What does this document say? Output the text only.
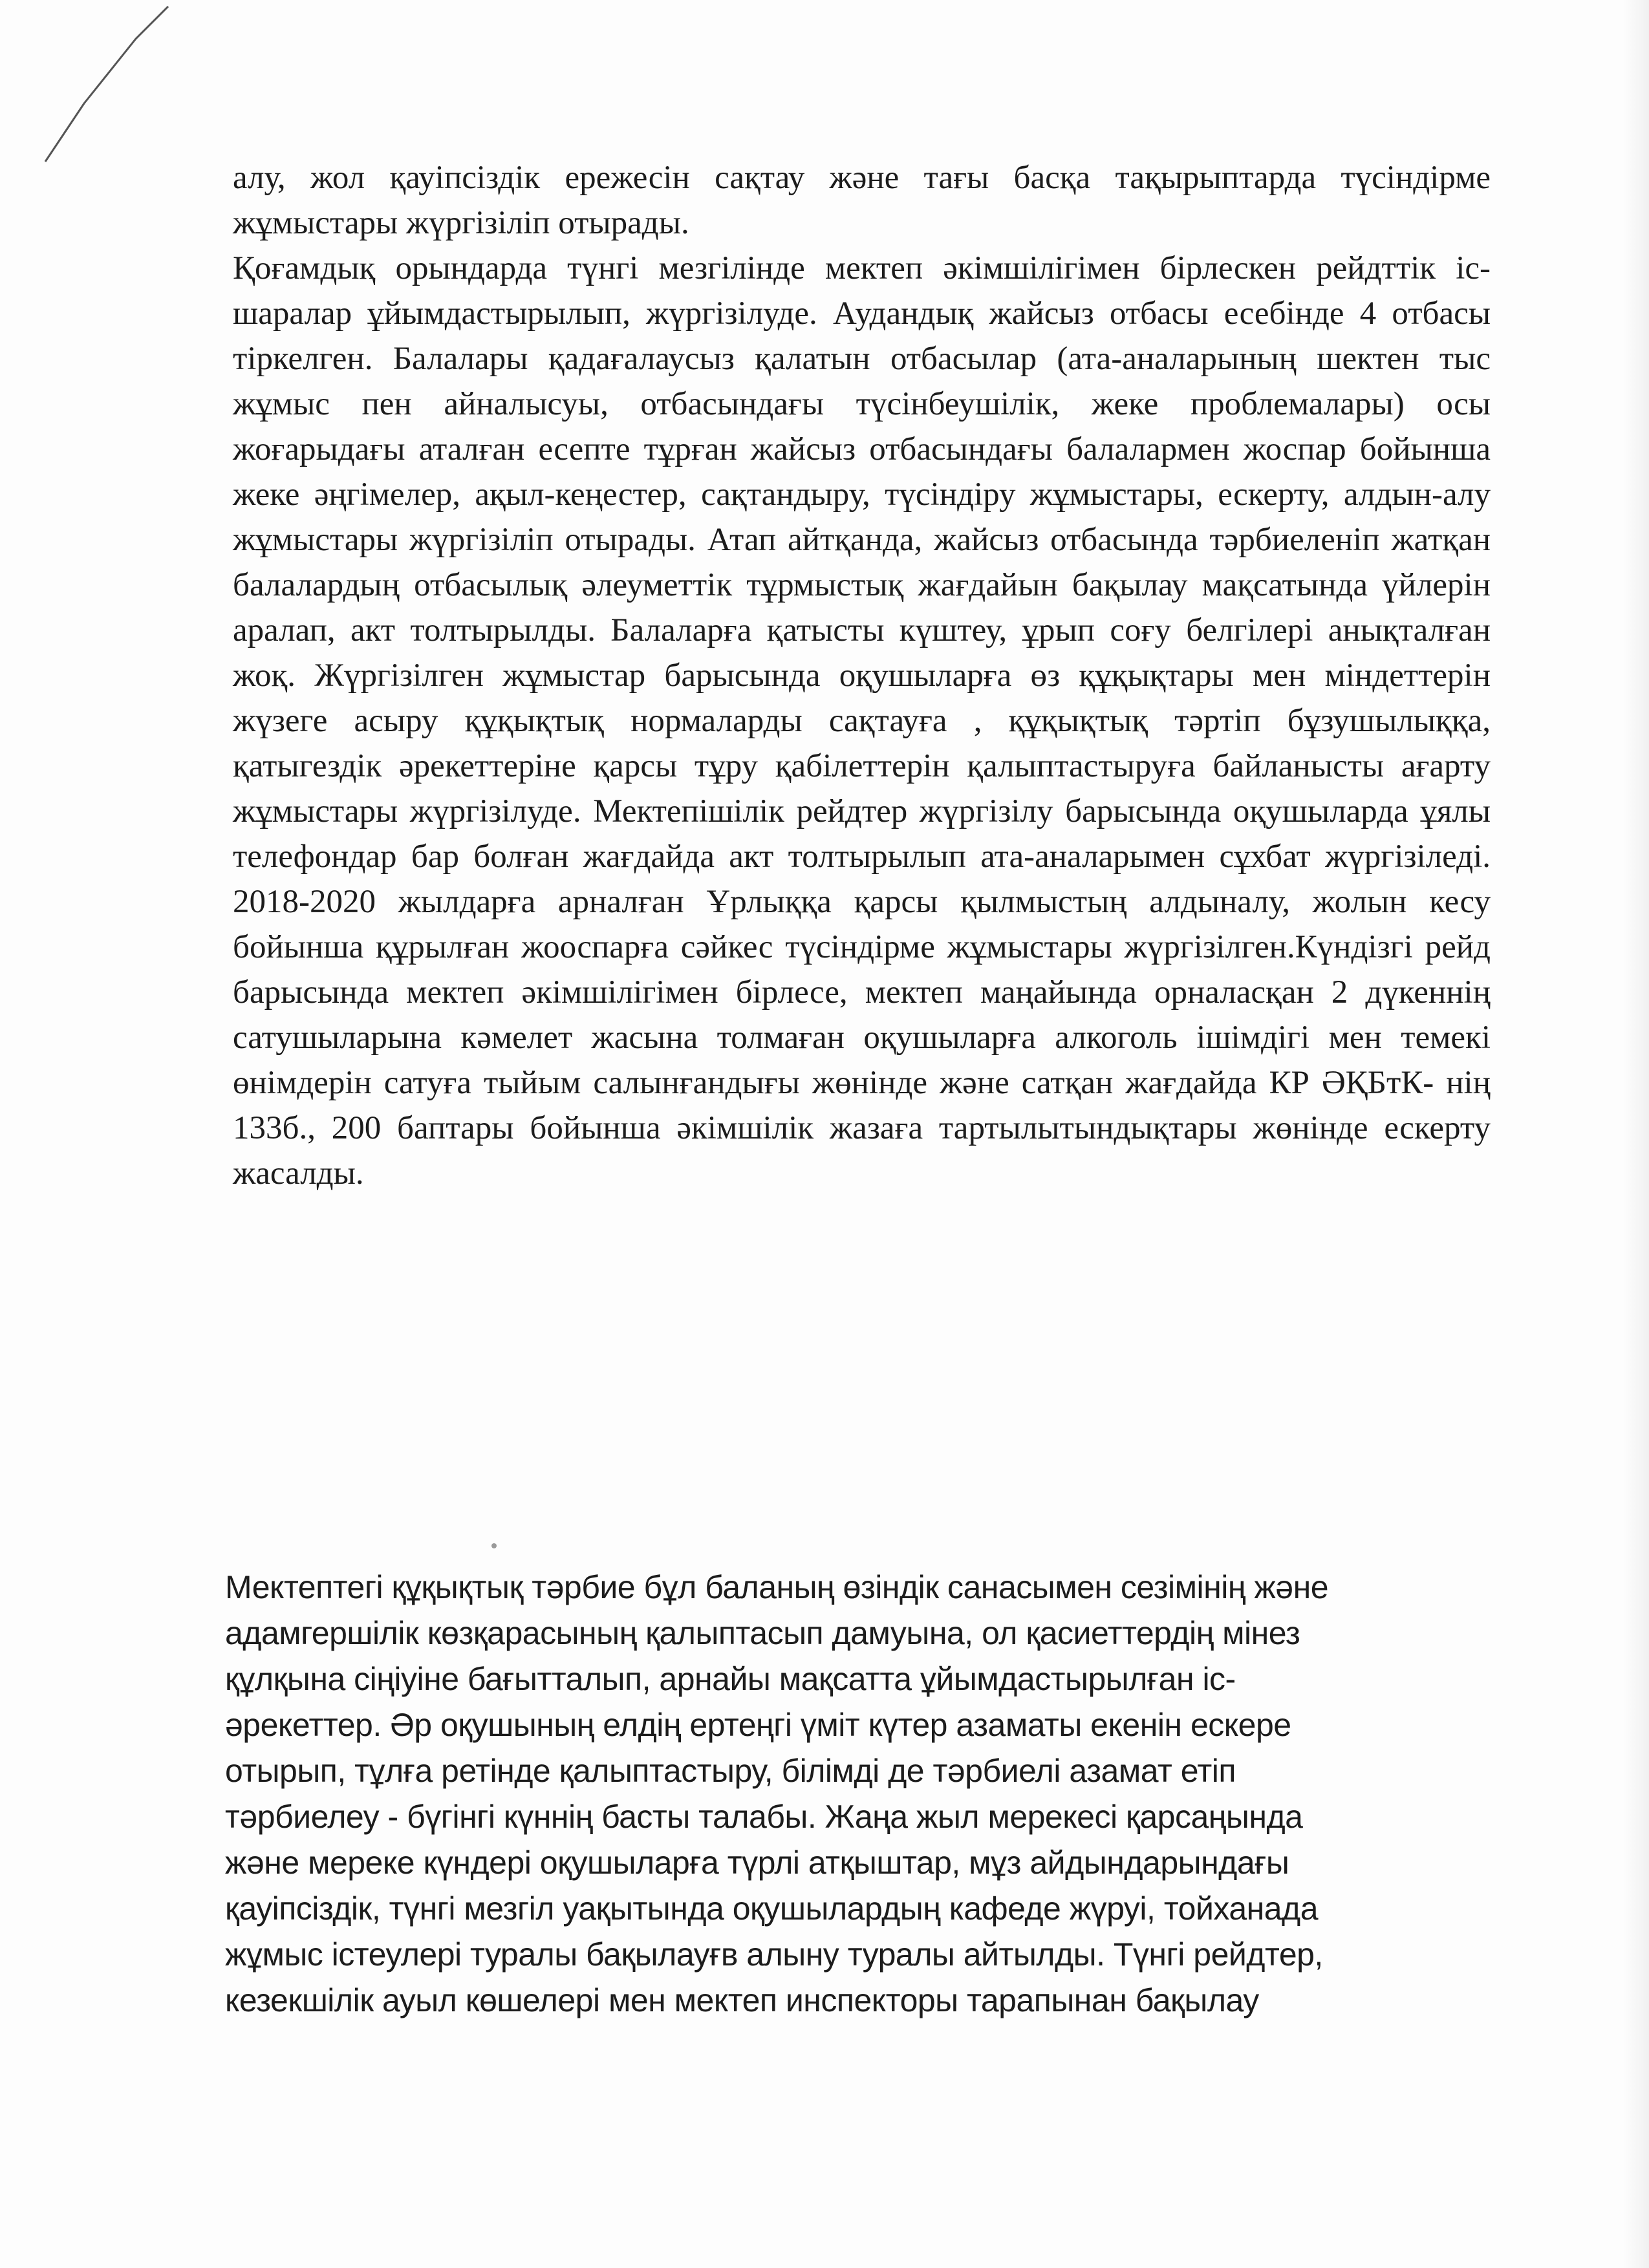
алу, жол қауіпсіздік ережесін сақтау және тағы басқа тақырыптарда түсіндірме жұмыстары жүргізіліп отырады.

Қоғамдық орындарда түнгі мезгілінде мектеп әкімшілігімен бірлескен рейдттік іс-шаралар ұйымдастырылып, жүргізілуде. Аудандық жайсыз отбасы есебінде 4 отбасы тіркелген. Балалары қадағалаусыз қалатын отбасылар (ата-аналарының шектен тыс жұмыс пен айналысуы, отбасындағы түсінбеушілік, жеке проблемалары) осы жоғарыдағы аталған есепте тұрған жайсыз отбасындағы балалармен жоспар бойынша жеке әңгімелер, ақыл-кеңестер, сақтандыру, түсіндіру жұмыстары, ескерту, алдын-алу жұмыстары жүргізіліп отырады. Атап айтқанда, жайсыз отбасында тәрбиеленіп жатқан балалардың отбасылық әлеуметтік тұрмыстық жағдайын бақылау мақсатында үйлерін аралап, акт толтырылды. Балаларға қатысты күштеу, ұрып соғу белгілері анықталған жоқ. Жүргізілген жұмыстар барысында оқушыларға өз құқықтары мен міндеттерін жүзеге асыру құқықтық нормаларды сақтауға , құқықтық тәртіп бұзушылыққа, қатыгездік әрекеттеріне қарсы тұру қабілеттерін қалыптастыруға байланысты ағарту жұмыстары жүргізілуде. Мектепішілік рейдтер жүргізілу барысында оқушыларда ұялы телефондар бар болған жағдайда акт толтырылып ата-аналарымен сұхбат жүргізіледі. 2018-2020 жылдарға арналған Ұрлыққа қарсы қылмыстың алдыналу, жолын кесу бойынша құрылған жооспарға сәйкес түсіндірме жұмыстары жүргізілген.Күндізгі рейд барысында мектеп әкімшілігімен бірлесе, мектеп маңайында орналасқан 2 дүкеннің сатушыларына кәмелет жасына толмаған оқушыларға алкоголь ішімдігі мен темекі өнімдерін сатуға тыйым салынғандығы жөнінде және сатқан жағдайда КР ӘҚБтК- нің 133б., 200 баптары бойынша әкімшілік жазаға тартылытындықтары жөнінде ескерту жасалды.

Мектептегі құқықтық тәрбие бұл баланың өзіндік санасымен сезімінің және

адамгершілік көзқарасының қалыптасып дамуына, ол қасиеттердің мінез

құлқына сіңіуіне бағытталып, арнайы мақсатта ұйымдастырылған іс-

әрекеттер. Әр оқушының елдің ертеңгі үміт күтер азаматы екенін ескере

отырып, тұлға ретінде қалыптастыру, білімді де тәрбиелі азамат етіп

тәрбиелеу - бүгінгі күннің басты талабы. Жаңа жыл мерекесі қарсаңында

және мереке күндері оқушыларға түрлі атқыштар, мұз айдындарындағы

қауіпсіздік, түнгі мезгіл уақытында оқушылардың кафеде жүруі, тойханада

жұмыс істеулері туралы бақылауғв алыну туралы айтылды. Түнгі рейдтер,

кезекшілік ауыл көшелері мен мектеп инспекторы тарапынан бақылау
